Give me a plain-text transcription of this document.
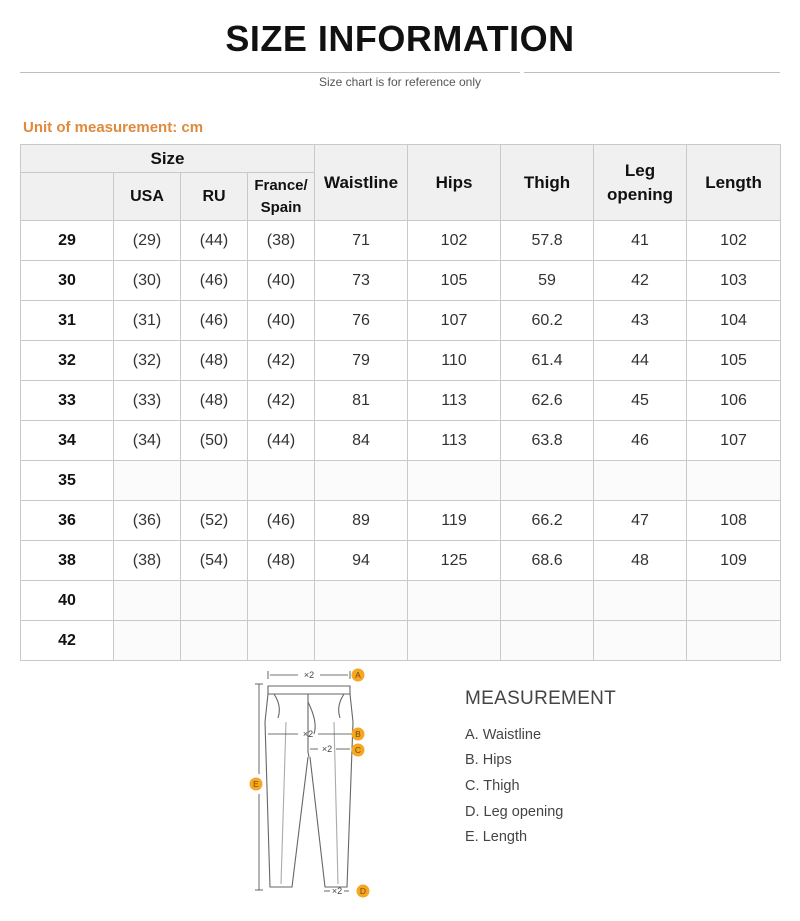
SIZE INFORMATION
Size chart is for reference only
Unit of measurement: cm
Size				Waistline	Hips	Thigh	Leg
opening	Length
	USA	RU	France/
Spain					
29	(29)	(44)	(38)	71	102	57.8	41	102
30	(30)	(46)	(40)	73	105	59	42	103
31	(31)	(46)	(40)	76	107	60.2	43	104
32	(32)	(48)	(42)	79	110	61.4	44	105
33	(33)	(48)	(42)	81	113	62.6	45	106
34	(34)	(50)	(44)	84	113	63.8	46	107
35								
36	(36)	(52)	(46)	89	119	66.2	47	108
38	(38)	(54)	(48)	94	125	68.6	48	109
40								
42								
×2
×2
×2
×2
A
B
C
D
E
MEASUREMENT
A. Waistline
B. Hips
C. Thigh
D. Leg opening
E. Length
